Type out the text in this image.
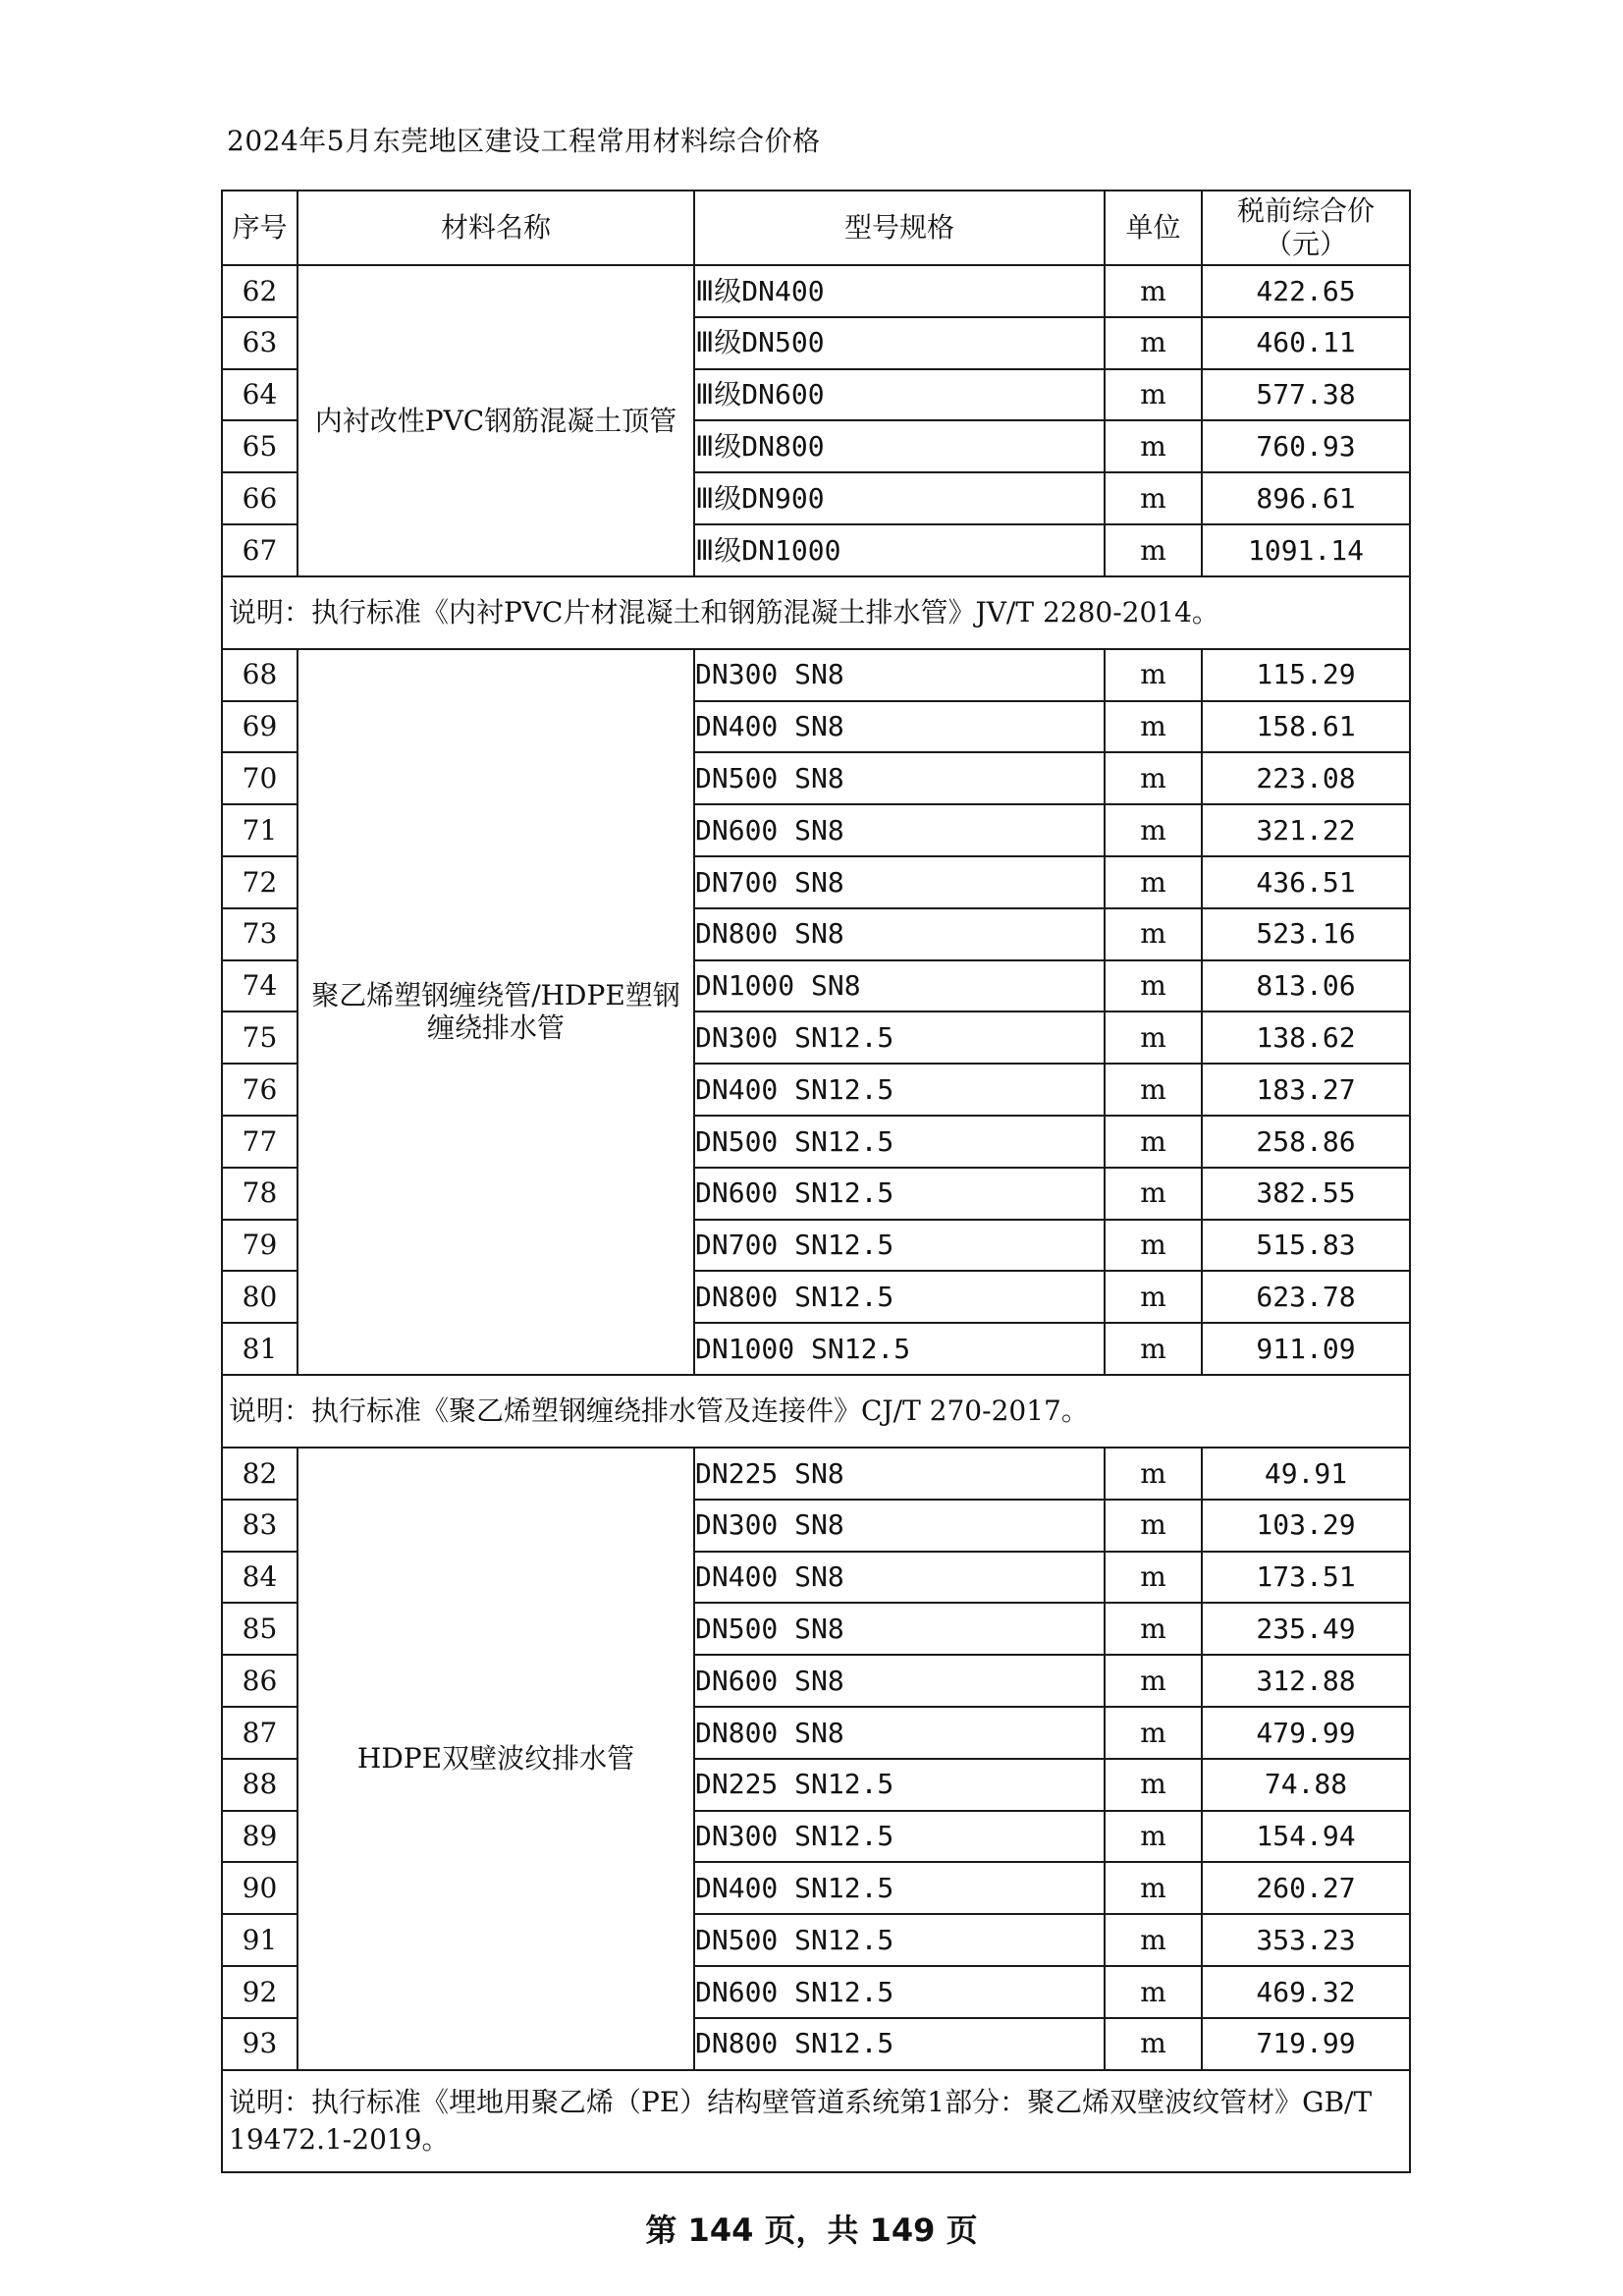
2024年5月东莞地区建设工程常用材料综合价格
序号	材料名称	型号规格	单位	税前综合价
（元）

62	内衬改性PVC钢筋混凝土顶管	Ⅲ级DN400	m	422.65
63		Ⅲ级DN500	m	460.11
64		Ⅲ级DN600	m	577.38
65		Ⅲ级DN800	m	760.93
66		Ⅲ级DN900	m	896.61
67		Ⅲ级DN1000	m	1091.14
说明：执行标准《内衬PVC片材混凝土和钢筋混凝土排水管》JV/T 2280-2014。				
68	聚乙烯塑钢缠绕管/HDPE塑钢缠绕排水管	DN300 SN8	m	115.29
69		DN400 SN8	m	158.61
70		DN500 SN8	m	223.08
71		DN600 SN8	m	321.22
72		DN700 SN8	m	436.51
73		DN800 SN8	m	523.16
74		DN1000 SN8	m	813.06
75		DN300 SN12.5	m	138.62
76		DN400 SN12.5	m	183.27
77		DN500 SN12.5	m	258.86
78		DN600 SN12.5	m	382.55
79		DN700 SN12.5	m	515.83
80		DN800 SN12.5	m	623.78
81		DN1000 SN12.5	m	911.09
说明：执行标准《聚乙烯塑钢缠绕排水管及连接件》CJ/T 270-2017。				
82	HDPE双壁波纹排水管	DN225 SN8	m	49.91
83		DN300 SN8	m	103.29
84		DN400 SN8	m	173.51
85		DN500 SN8	m	235.49
86		DN600 SN8	m	312.88
87		DN800 SN8	m	479.99
88		DN225 SN12.5	m	74.88
89		DN300 SN12.5	m	154.94
90		DN400 SN12.5	m	260.27
91		DN500 SN12.5	m	353.23
92		DN600 SN12.5	m	469.32
93		DN800 SN12.5	m	719.99
说明：执行标准《埋地用聚乙烯（PE）结构壁管道系统第1部分：聚乙烯双壁波纹管材》GB/T 19472.1-2019。				
第 144 页，共 149 页
